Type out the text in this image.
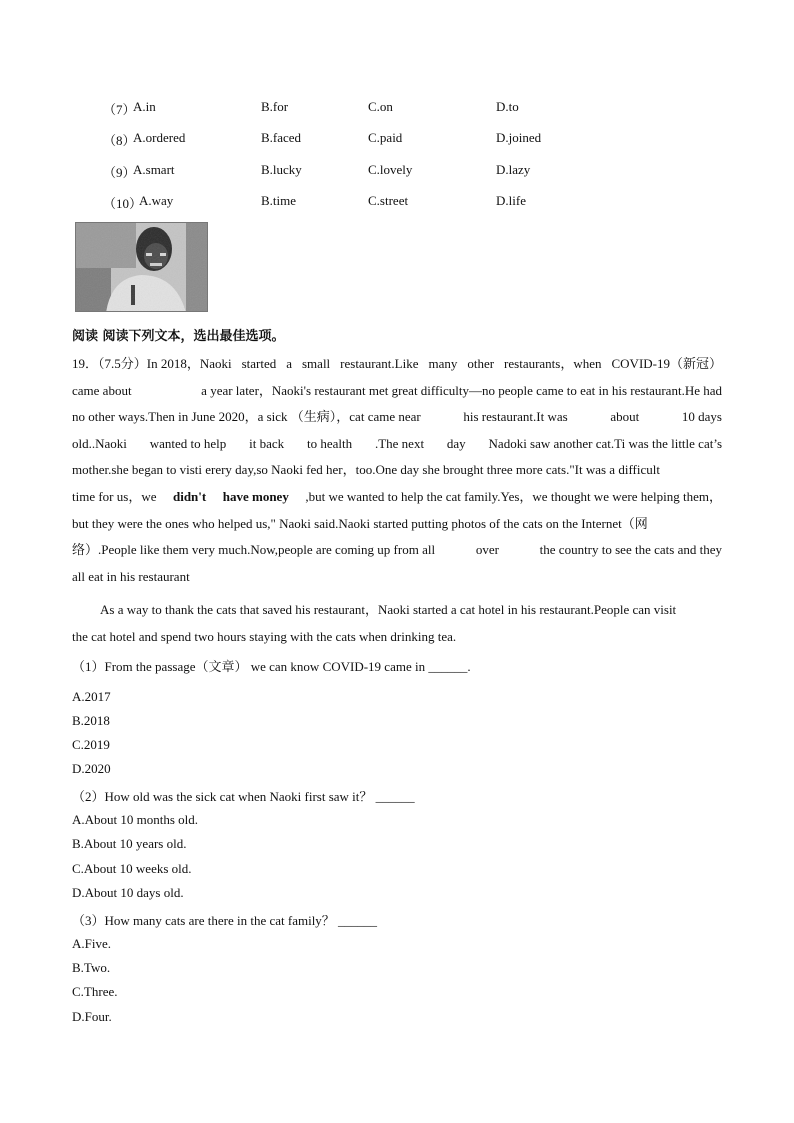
（7）
A.in	B.for	C.on	D.to
（8）
A.ordered	B.faced	C.paid	D.joined
（9）
A.smart	B.lucky	C.lovely	D.lazy
（10）
A.way	B.time	C.street	D.life
阅读 阅读下列文本，选出最佳选项。
19．（7.5分）In 2018，Naoki started a small restaurant.Like many other restaurants，when COVID-19（新冠）
came about	a year later，Naoki's restaurant met great difficulty—no people came to eat in his restaurant.He had
no other ways.Then in June 2020，a sick （生病），cat came near	his restaurant.It was	about	10 days
old..Naoki wanted to help it back to health .The next day Nadoki saw another cat.Ti was the little cat’s
mother.she began to visti erery day,so Naoki fed her，too.One day she brought three more cats."It was a difficult
time for us，we didn't have money ,but we wanted to help the cat family.Yes，we thought we were helping them，
but they were the ones who helped us," Naoki said.Naoki started putting photos of the cats on the Internet（网
络）.People like them very much.Now,people are coming up from all	over	the country to see the cats and they
all eat in his restaurant
As a way to thank the cats that saved his restaurant，Naoki started a cat hotel in his restaurant.People can visit
the cat hotel and spend two hours staying with the cats when drinking tea.
（1）From the passage（文章） we can know COVID-19 came in ______.
A.2017
B.2018
C.2019
D.2020
（2）How old was the sick cat when Naoki first saw it？ ______
A.About 10 months old.
B.About 10 years old.
C.About 10 weeks old.
D.About 10 days old.
（3）How many cats are there in the cat family？ ______
A.Five.
B.Two.
C.Three.
D.Four.
